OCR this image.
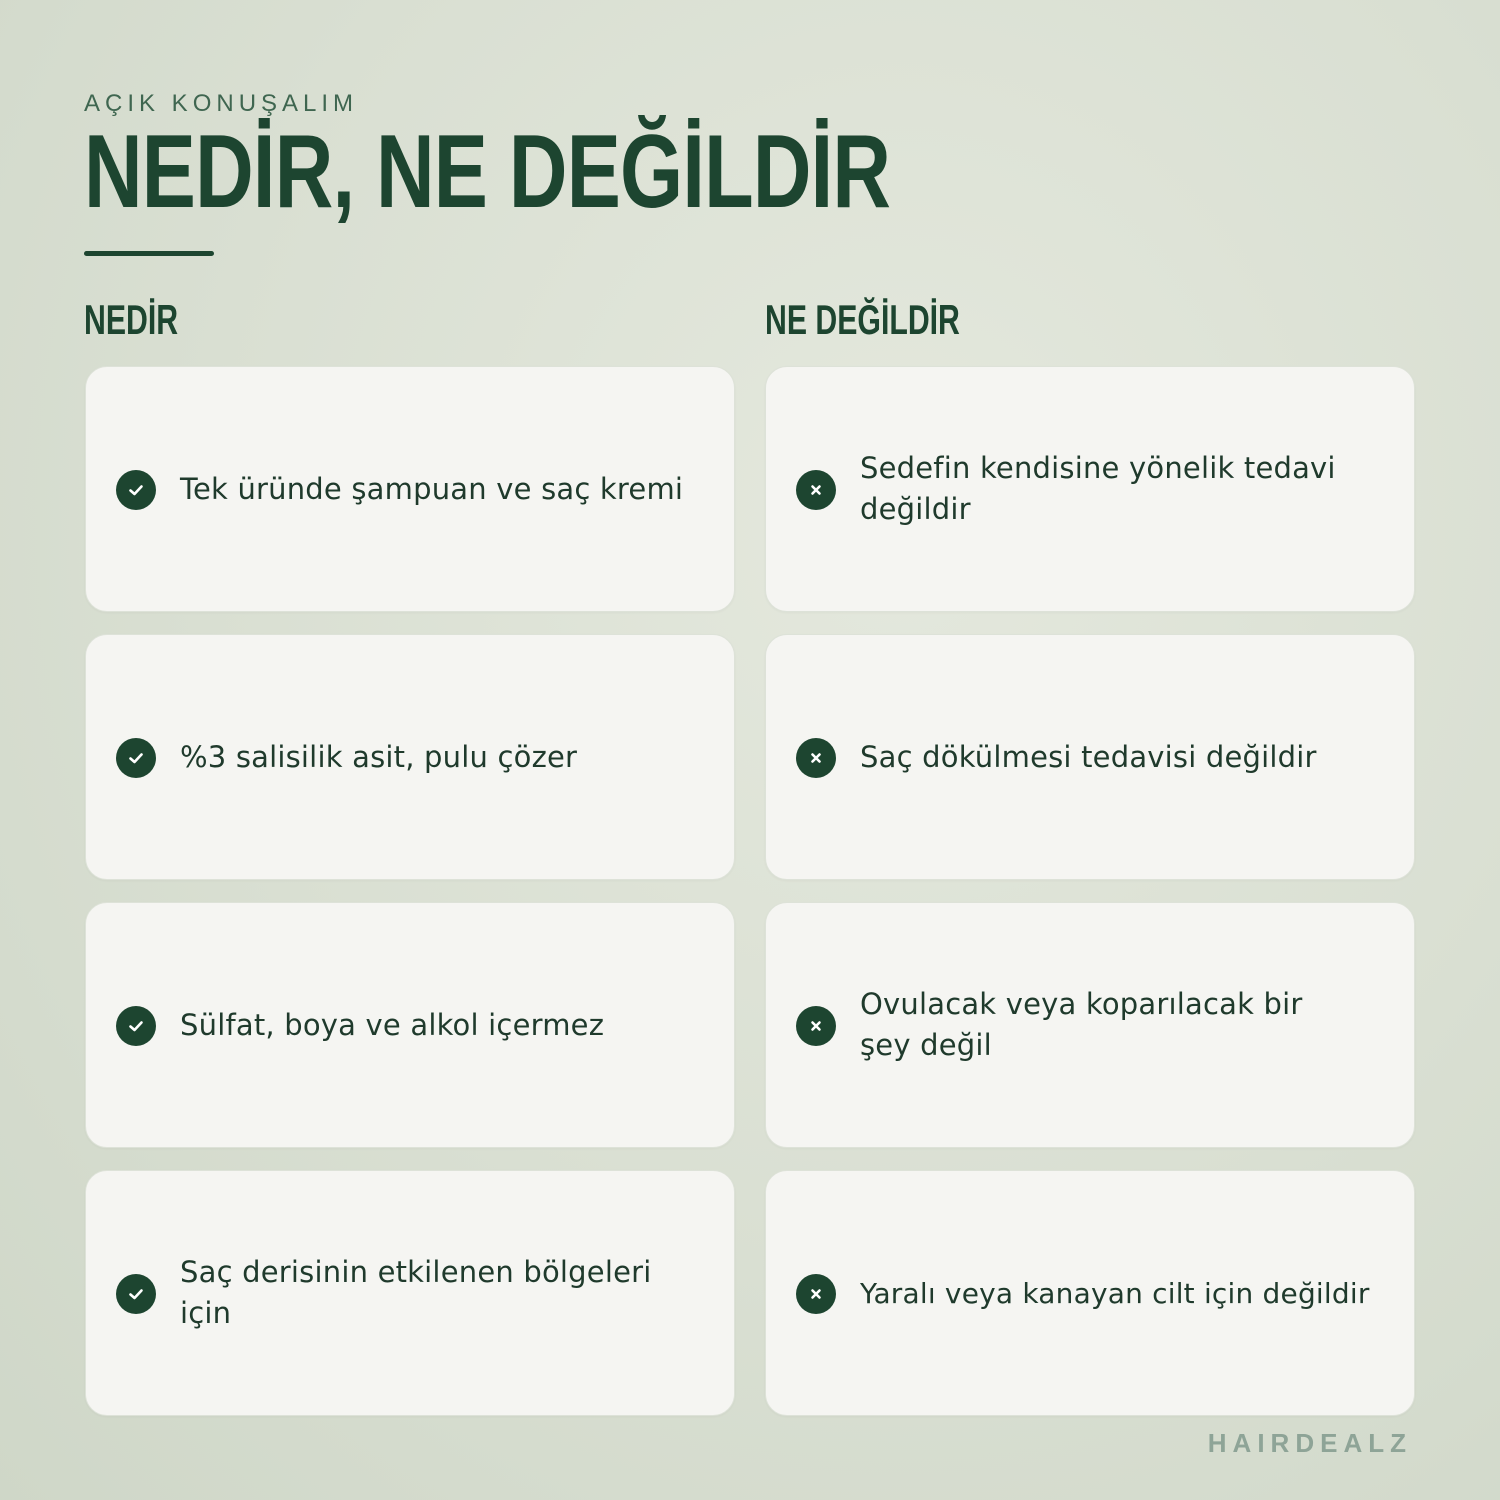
AÇIK KONUŞALIM
NEDİR, NE DEĞİLDİR
NEDİR	NE DEĞİLDİR
Tek üründe şampuan ve saç kremi
%3 salisilik asit, pulu çözer
Sülfat, boya ve alkol içermez
Saç derisinin etkilenen bölgeleri için
Sedefin kendisine yönelik tedavi değildir
Saç dökülmesi tedavisi değildir
Ovulacak veya koparılacak bir şey değil
Yaralı veya kanayan cilt için değildir
HAIRDEALZ
